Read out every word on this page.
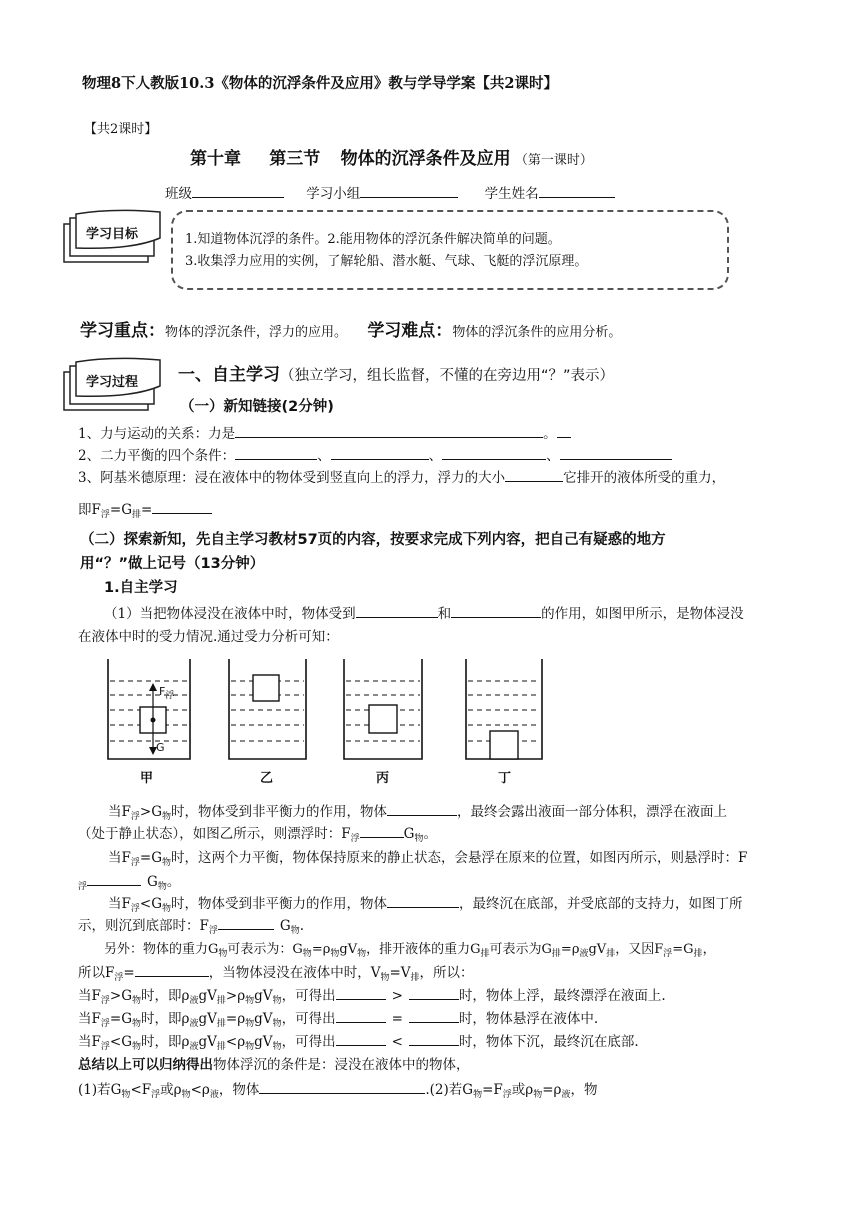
物理8下人教版10.3《物体的沉浮条件及应用》教与学导学案【共2课时】
【共2课时】
第十章 第三节 物体的沉浮条件及应用 （第一课时）
班级	学习小组	学生姓名
学习目标	1.知道物体沉浮的条件。2.能用物体的浮沉条件解决简单的问题。
3.收集浮力应用的实例，了解轮船、潜水艇、气球、飞艇的浮沉原理。
学习重点：物体的浮沉条件，浮力的应用。 学习难点：物体的浮沉条件的应用分析。
学习过程 一、自主学习（独立学习，组长监督，不懂的在旁边用“？”表示）
（一）新知链接(2分钟)
1、力与运动的关系：力是	。
2、二力平衡的四个条件：	、	、	、
3、阿基米德原理：浸在液体中的物体受到竖直向上的浮力，浮力的大小	它排开的液体所受的重力，
即$F_浮=G_排=$
（二）探索新知，先自主学习教材57页的内容，按要求完成下列内容，把自己有疑惑的地方
用“？”做上记号（13分钟）
1.自主学习
（1）当把物体浸没在液体中时，物体受到	和	的作用，如图甲所示，是物体浸没
在液体中时的受力情况.通过受力分析可知：
$F_浮$
G
甲	乙	丙	丁
当$F_浮>G_物$时，物体受到非平衡力的作用，物体	，最终会露出液面一部分体积，漂浮在液面上
（处于静止状态），如图乙所示，则漂浮时：$F_浮$	$G_物$。
当$F_浮=G_物$时，这两个力平衡，物体保持原来的静止状态，会悬浮在原来的位置，如图丙所示，则悬浮时：F
$_浮$	$G_物$。
当$F_浮<G_物$时，物体受到非平衡力的作用，物体	，最终沉在底部，并受底部的支持力，如图丁所
示，则沉到底部时：$F_浮$	$G_物$.
另外：物体的重力$G_物$可表示为：$G_物=\rho_物gV_物$，排开液体的重力$G_排$可表示为$G_排=\rho_液gV_排$，又因$F_浮=G_排$，
所以$F_浮=$	，当物体浸没在液体中时，$V_物=V_排$，所以：
当$F_浮>G_物$时，即$\rho_液gV_排>\rho_物gV_物$，可得出	>	时，物体上浮，最终漂浮在液面上.
当$F_浮=G_物$时，即$\rho_液gV_排=\rho_物gV_物$，可得出	=	时，物体悬浮在液体中.
当$F_浮<G_物$时，即$\rho_液gV_排<\rho_物gV_物$，可得出	<	时，物体下沉，最终沉在底部.
总结以上可以归纳得出物体浮沉的条件是：浸没在液体中的物体，
(1)若$G_物<F_浮$或$\rho_物<\rho_液$，物体	.(2)若$G_物=F_浮$或$\rho_物=\rho_液$，物
